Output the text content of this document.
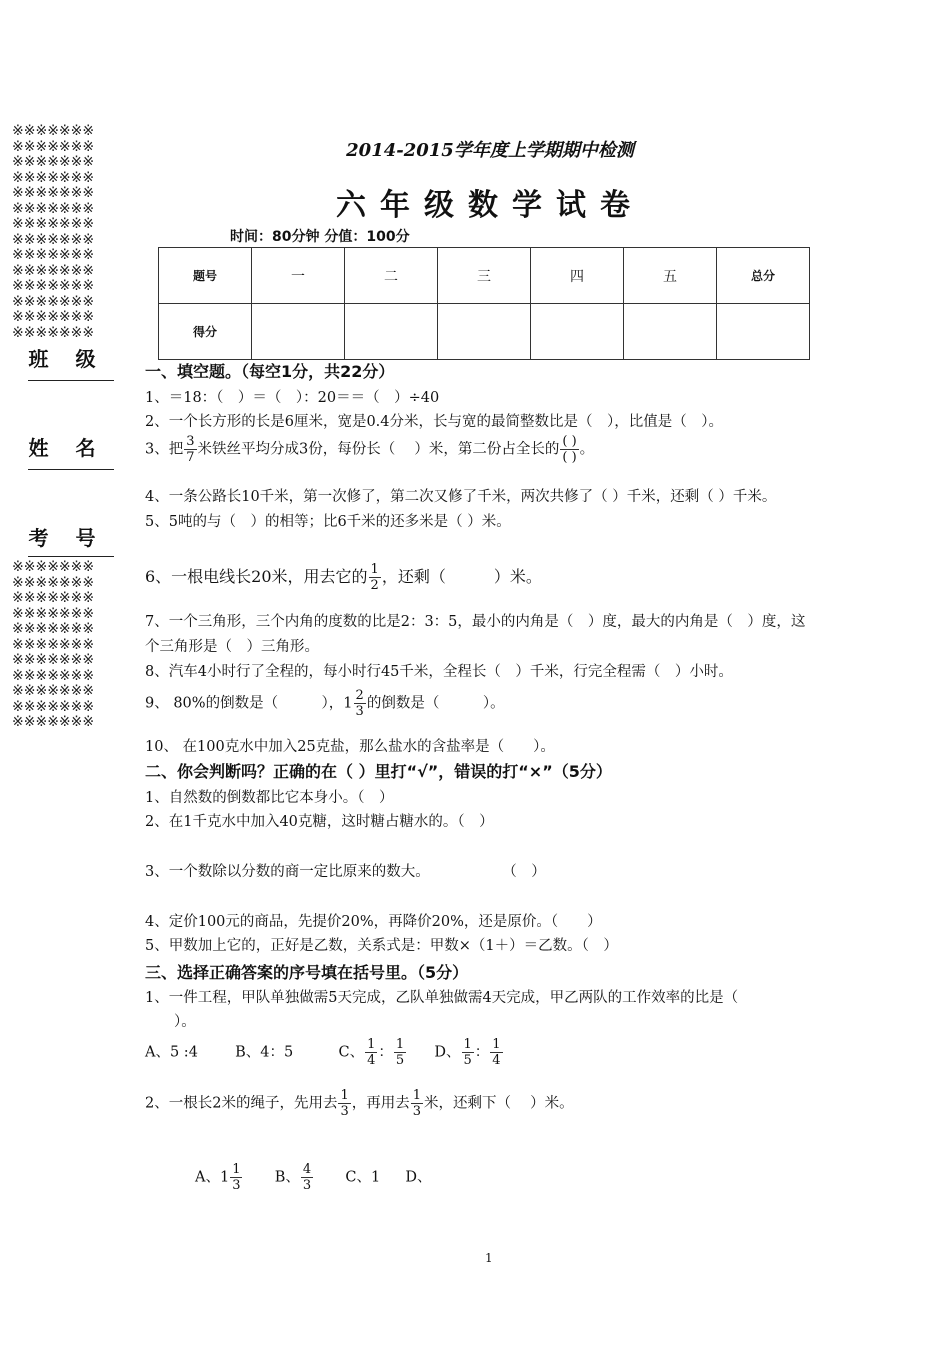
※※※※※※※
※※※※※※※
※※※※※※※
※※※※※※※
※※※※※※※
※※※※※※※
※※※※※※※
※※※※※※※
※※※※※※※
※※※※※※※
※※※※※※※
※※※※※※※
※※※※※※※
※※※※※※※
※※※※※※※
※※※※※※※
※※※※※※※
※※※※※※※
※※※※※※※
※※※※※※※
※※※※※※※
※※※※※※※
※※※※※※※
※※※※※※※
※※※※※※※
班 级
姓 名
考 号
2014-2015学年度上学期期中检测
六年级数学试卷
时间：80分钟 分值：100分
题号	一	二	三	四	五	总分
得分						
一、填空题。（每空1分，共22分）
1、＝18：（　）＝（　）：20＝＝（　）÷40
2、一个长方形的长是6厘米，宽是0.4分米，长与宽的最简整数比是（　），比值是（　）。
3、把 $\frac{3}{7}$ 米铁丝平均分成3份，每份长（　 ）米，第二份占全长的 $\frac{( )}{( )}$ 。
4、一条公路长10千米，第一次修了，第二次又修了千米，两次共修了（ ）千米，还剩（ ）千米。
5、5吨的与（　）的相等；比6千米的还多米是（ ）米。
6、一根电线长20米，用去它的 $\frac{1}{2}$ ，还剩（　　　）米。
7、一个三角形，三个内角的度数的比是2：3：5，最小的内角是（　）度，最大的内角是（　）度，这
个三角形是（　）三角形。
8、汽车4小时行了全程的，每小时行45千米，全程长（　）千米，行完全程需（　）小时。
9、 80%的倒数是（　　　），$1 \frac{2}{3}$ 的倒数是（　　　）。
10、 在100克水中加入25克盐，那么盐水的含盐率是（　　）。
二、你会判断吗？正确的在（ ）里打“√”，错误的打“×”（5分）
1、自然数的倒数都比它本身小。（　）
2、在1千克水中加入40克糖，这时糖占糖水的。（　）
3、一个数除以分数的商一定比原来的数大。　　　　　　（　）
4、定价100元的商品，先提价20%，再降价20%，还是原价。（　　）
5、甲数加上它的，正好是乙数，关系式是：甲数×（1＋）＝乙数。（　）
三、选择正确答案的序号填在括号里。（5分）
1、一件工程，甲队单独做需5天完成，乙队单独做需4天完成，甲乙两队的工作效率的比是（
　　）。
A、5 :4	B、4：5	C、 $\frac{1}{4}$ ： $\frac{1}{5}$ D、 $\frac{1}{5}$ ： $\frac{1}{4}$
2、一根长2米的绳子，先用去 $\frac{1}{3}$ ，再用去 $\frac{1}{3}$ 米，还剩下（　 ）米。
A、$1 \frac{1}{3}$ B、 $\frac{4}{3}$ C、1 D、
1
